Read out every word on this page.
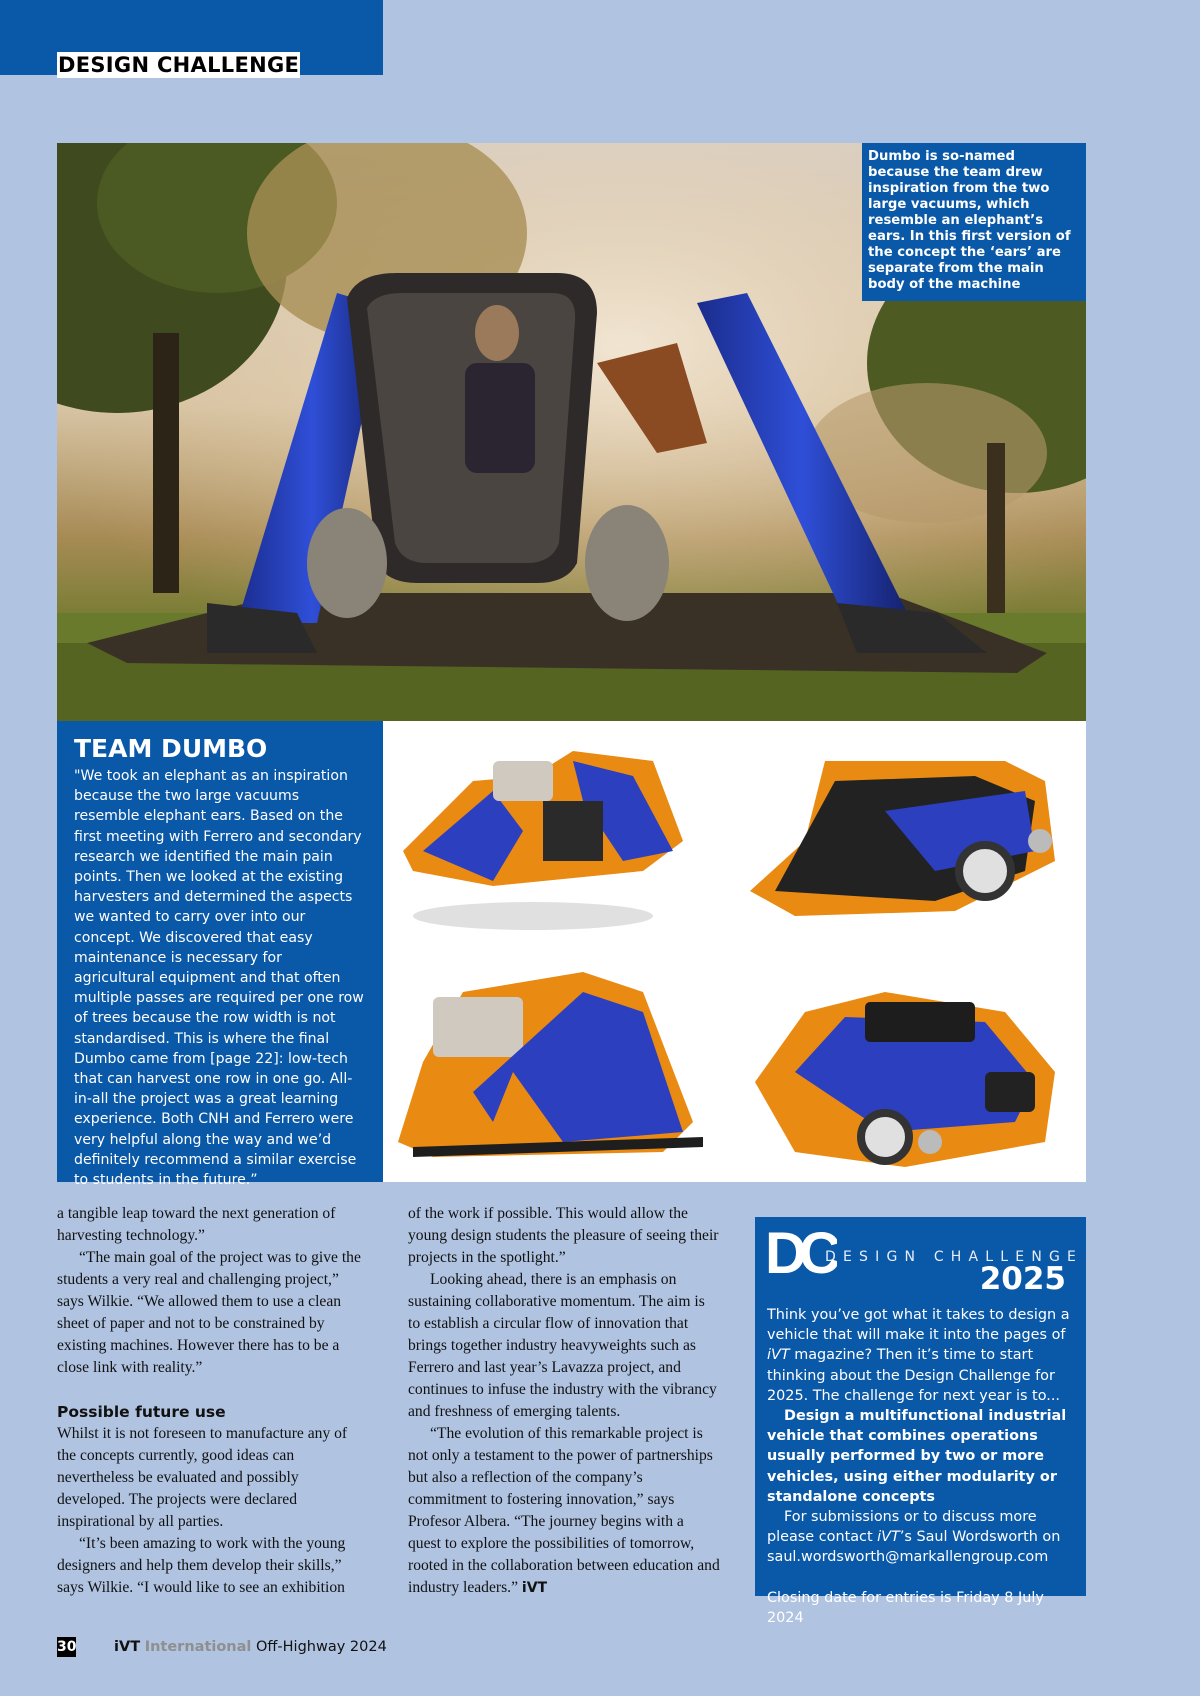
DESIGN CHALLENGE
Dumbo is so-named because the team drew inspiration from the two large vacuums, which resemble an elephant’s ears. In this first version of the concept the ‘ears’ are separate from the main body of the machine
TEAM DUMBO
"We took an elephant as an inspiration because the two large vacuums resemble elephant ears. Based on the first meeting with Ferrero and secondary research we identified the main pain points. Then we looked at the existing harvesters and determined the aspects we wanted to carry over into our concept. We discovered that easy maintenance is necessary for agricultural equipment and that often multiple passes are required per one row of trees because the row width is not standardised. This is where the final Dumbo came from [page 22]: low-tech that can harvest one row in one go. All-in-all the project was a great learning experience. Both CNH and Ferrero were very helpful along the way and we’d definitely recommend a similar exercise to students in the future.”

a tangible leap toward the next generation of harvesting technology.”

“The main goal of the project was to give the students a very real and challenging project,” says Wilkie. “We allowed them to use a clean sheet of paper and not to be constrained by existing machines. However there has to be a close link with reality.”

Possible future use

Whilst it is not foreseen to manufacture any of the concepts currently, good ideas can nevertheless be evaluated and possibly developed. The projects were declared inspirational by all parties.

“It’s been amazing to work with the young designers and help them develop their skills,” says Wilkie. “I would like to see an exhibition

of the work if possible. This would allow the young design students the pleasure of seeing their projects in the spotlight.”

Looking ahead, there is an emphasis on sustaining collaborative momentum. The aim is to establish a circular flow of innovation that brings together industry heavyweights such as Ferrero and last year’s Lavazza project, and continues to infuse the industry with the vibrancy and freshness of emerging talents.

“The evolution of this remarkable project is not only a testament to the power of partnerships but also a reflection of the company’s commitment to fostering innovation,” says Profesor Albera. “The journey begins with a quest to explore the possibilities of tomorrow, rooted in the collaboration between education and industry leaders.” iVT

DC
DESIGN CHALLENGE
2025

Think you’ve got what it takes to design a vehicle that will make it into the pages of iVT magazine? Then it’s time to start thinking about the Design Challenge for 2025. The challenge for next year is to...

Design a multifunctional industrial vehicle that combines operations usually performed by two or more vehicles, using either modularity or standalone concepts

For submissions or to discuss more please contact iVT’s Saul Wordsworth on saul.wordsworth@markallengroup.com

Closing date for entries is Friday 8 July 2024

30	iVT International Off-Highway 2024
